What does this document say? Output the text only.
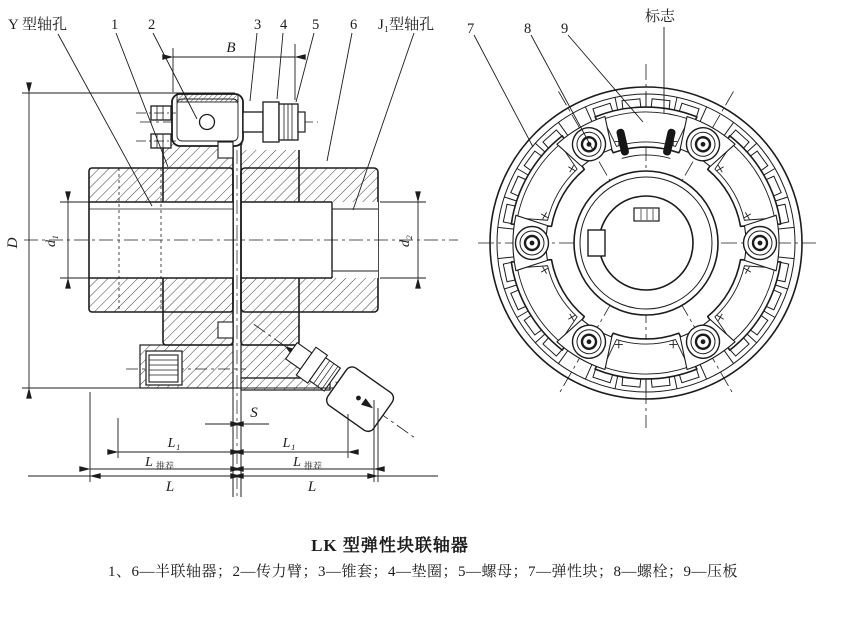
B
D d₁	d₂
S
L₁	L₁
L 推荐	L 推荐
L	L
Y 型轴孔	J₁型轴孔
1 2	3 4 5 6	7	8 9
标志
LK 型弹性块联轴器
1、6—半联轴器；2—传力臂；3—锥套；4—垫圈；5—螺母；7—弹性块；8—螺栓；9—压板
